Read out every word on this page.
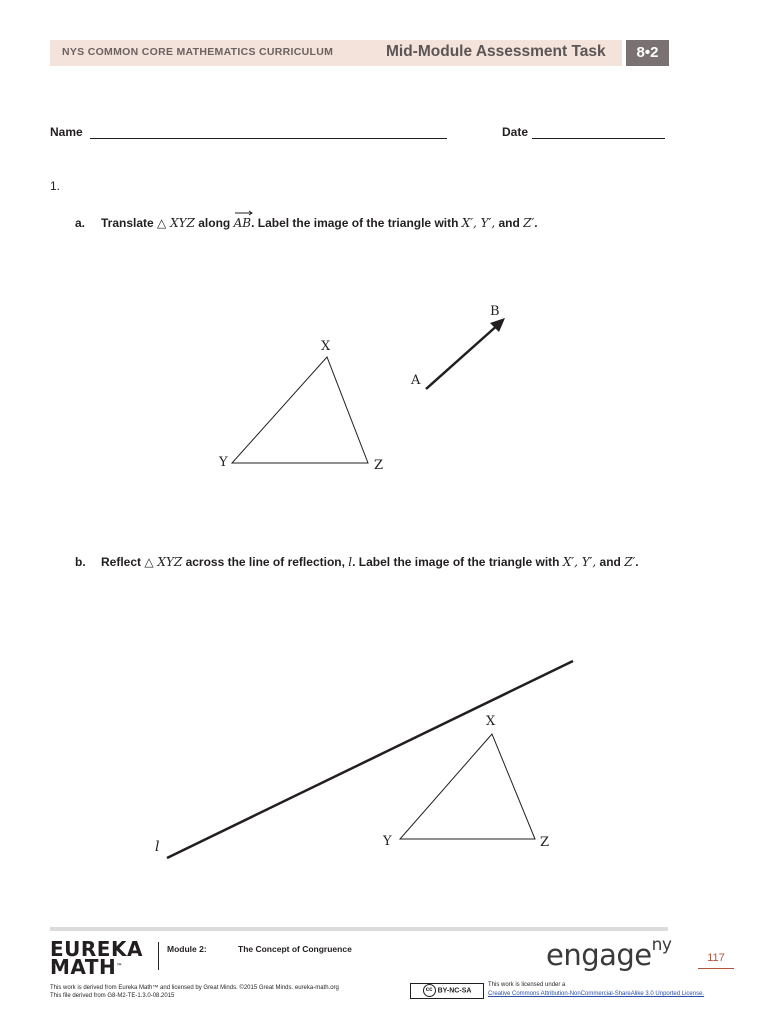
NYS COMMON CORE MATHEMATICS CURRICULUM	Mid-Module Assessment Task	8•2
Name	Date
1.
a. Translate △ XYZ along AB. Label the image of the triangle with X′, Y′, and Z′.
X
Y	Z
A
B
b. Reflect △ XYZ across the line of reflection, l. Label the image of the triangle with X′, Y′, and Z′.
X
Y	Z
l
EUREKA
MATH™
Module 2:	The Concept of Congruence	engage$^{ny}$
117
This work is derived from Eureka Math™ and licensed by Great Minds. ©2015 Great Minds. eureka-math.org
This file derived from G8-M2-TE-1.3.0-08.2015
cc BY-NC-SA
This work is licensed under a
Creative Commons Attribution-NonCommercial-ShareAlike 3.0 Unported License.
